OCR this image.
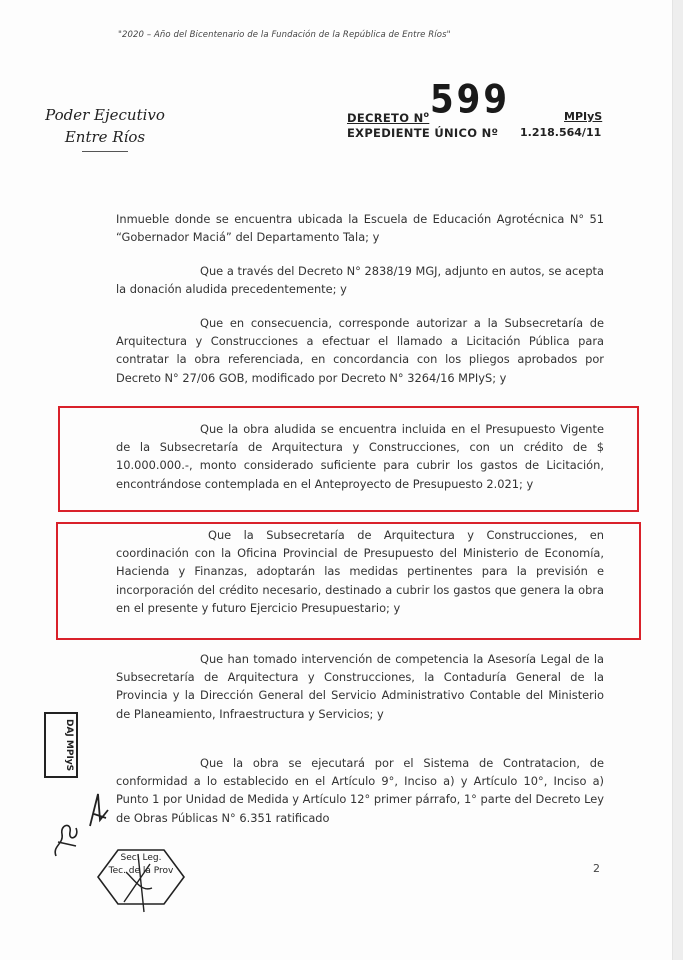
"2020 – Año del Bicentenario de la Fundación de la República de Entre Ríos"
Poder Ejecutivo
Entre Ríos
DECRETO $N^o$ 599	MPIyS
EXPEDIENTE ÚNICO Nº 1.218.564/11
Inmueble donde se encuentra ubicada la Escuela de Educación Agrotécnica N° 51 “Gobernador Maciá” del Departamento Tala; y
Que a través del Decreto N° 2838/19 MGJ, adjunto en autos, se acepta la donación aludida precedentemente; y
Que en consecuencia, corresponde autorizar a la Subsecretaría de Arquitectura y Construcciones a efectuar el llamado a Licitación Pública para contratar la obra referenciada, en concordancia con los pliegos aprobados por Decreto N° 27/06 GOB, modificado por Decreto N° 3264/16 MPIyS; y
Que la obra aludida se encuentra incluida en el Presupuesto Vigente de la Subsecretaría de Arquitectura y Construcciones, con un crédito de $ 10.000.000.-, monto considerado suficiente para cubrir los gastos de Licitación, encontrándose contemplada en el Anteproyecto de Presupuesto 2.021; y
Que la Subsecretaría de Arquitectura y Construcciones, en coordinación con la Oficina Provincial de Presupuesto del Ministerio de Economía, Hacienda y Finanzas, adoptarán las medidas pertinentes para la previsión e incorporación del crédito necesario, destinado a cubrir los gastos que genera la obra en el presente y futuro Ejercicio Presupuestario; y
Que han tomado intervención de competencia la Asesoría Legal de la Subsecretaría de Arquitectura y Construcciones, la Contaduría General de la Provincia y la Dirección General del Servicio Administrativo Contable del Ministerio de Planeamiento, Infraestructura y Servicios; y
Que la obra se ejecutará por el Sistema de Contratacion, de conformidad a lo establecido en el Artículo 9°, Inciso a) y Artículo 10°, Inciso a) Punto 1 por Unidad de Medida y Artículo 12° primer párrafo, 1° parte del Decreto Ley de Obras Públicas N° 6.351 ratificado
DAJ MPIyS
Sec. Leg.
Tec. de la Prov	2
